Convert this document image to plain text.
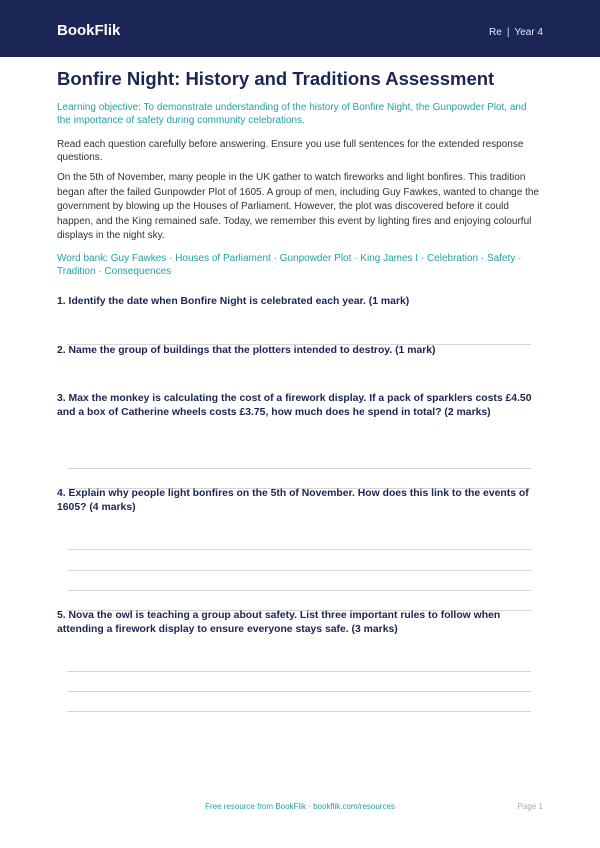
BookFlik	Re | Year 4
Bonfire Night: History and Traditions Assessment
Learning objective: To demonstrate understanding of the history of Bonfire Night, the Gunpowder Plot, and the importance of safety during community celebrations.
Read each question carefully before answering. Ensure you use full sentences for the extended response questions.
On the 5th of November, many people in the UK gather to watch fireworks and light bonfires. This tradition began after the failed Gunpowder Plot of 1605. A group of men, including Guy Fawkes, wanted to change the government by blowing up the Houses of Parliament. However, the plot was discovered before it could happen, and the King remained safe. Today, we remember this event by lighting fires and enjoying colourful displays in the night sky.
Word bank: Guy Fawkes · Houses of Parliament · Gunpowder Plot · King James I · Celebration · Safety · Tradition · Consequences
1. Identify the date when Bonfire Night is celebrated each year. (1 mark)
2. Name the group of buildings that the plotters intended to destroy. (1 mark)
3. Max the monkey is calculating the cost of a firework display. If a pack of sparklers costs £4.50 and a box of Catherine wheels costs £3.75, how much does he spend in total? (2 marks)
4. Explain why people light bonfires on the 5th of November. How does this link to the events of 1605? (4 marks)
5. Nova the owl is teaching a group about safety. List three important rules to follow when attending a firework display to ensure everyone stays safe. (3 marks)
Free resource from BookFlik · bookflik.com/resources	Page 1
